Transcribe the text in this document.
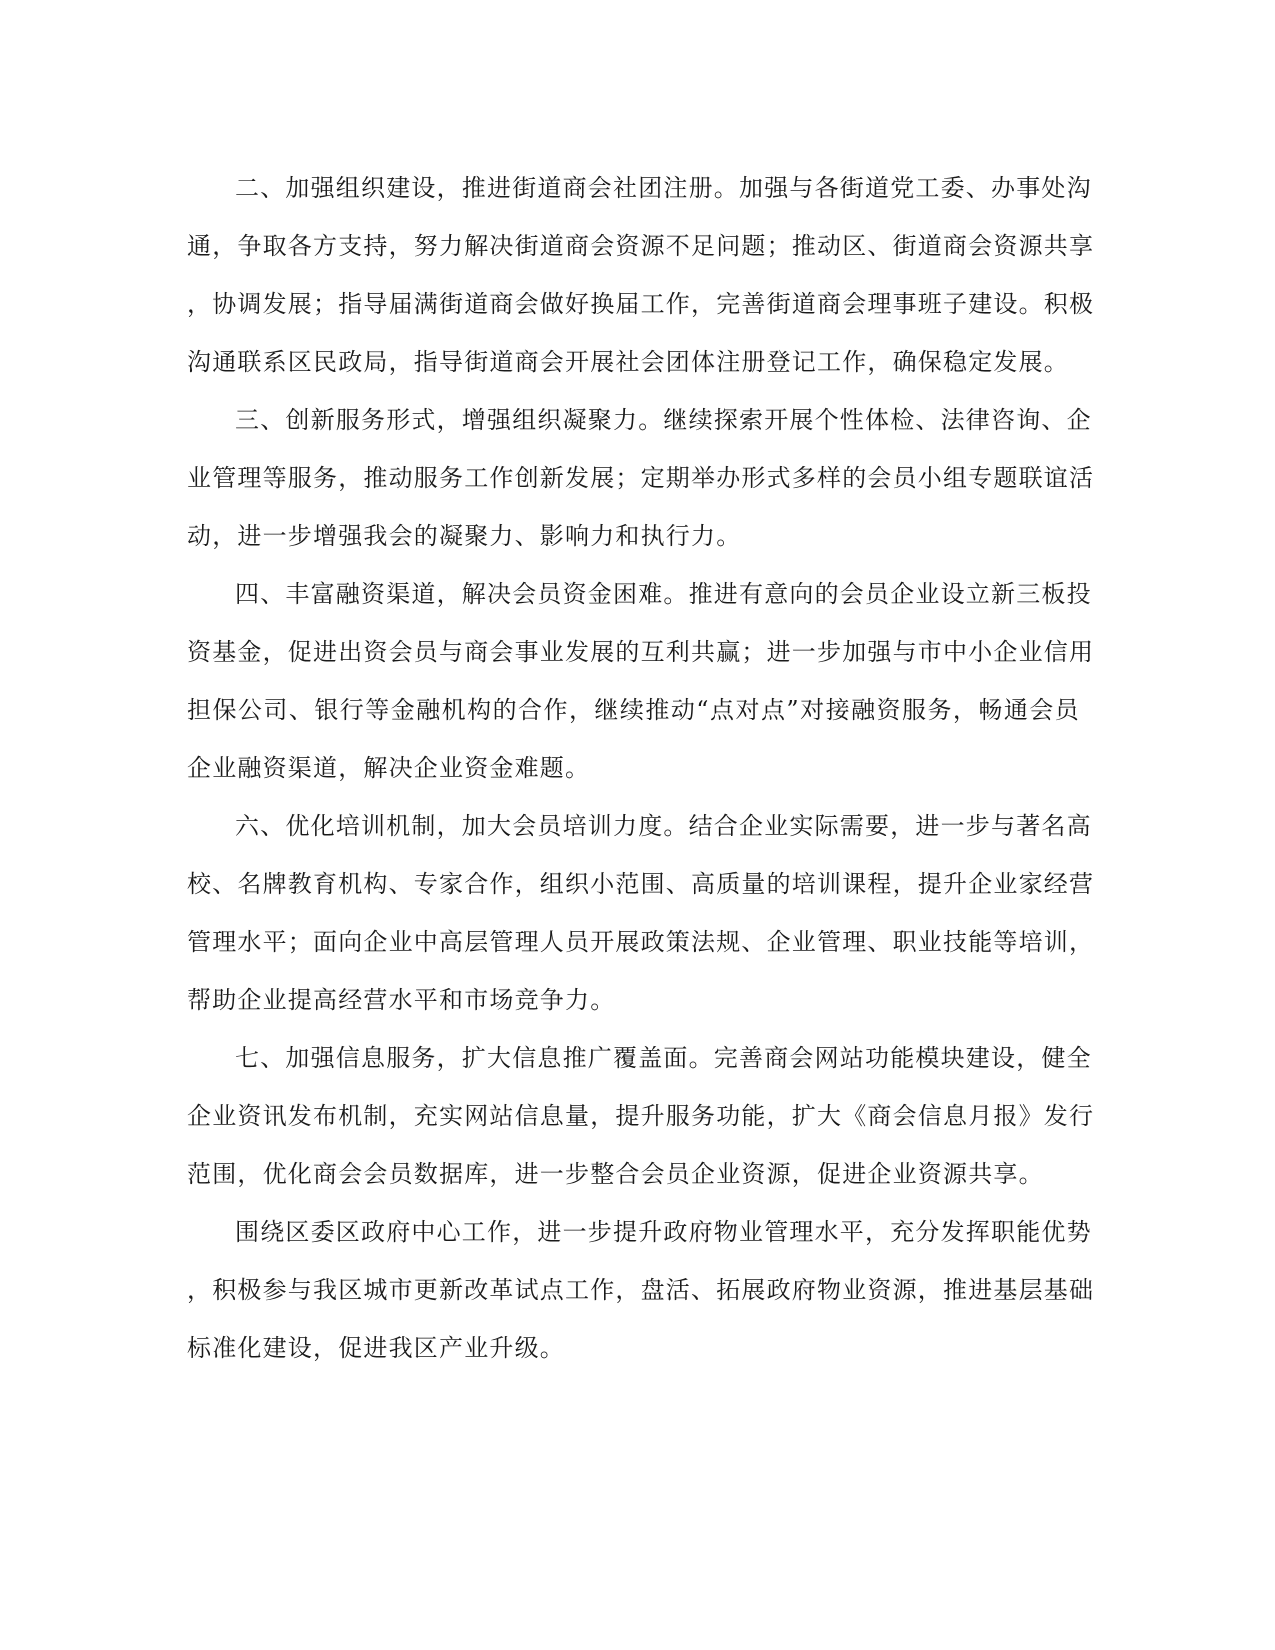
二、加强组织建设，推进街道商会社团注册。加强与各街道党工委、办事处沟
通，争取各方支持，努力解决街道商会资源不足问题；推动区、街道商会资源共享
，协调发展；指导届满街道商会做好换届工作，完善街道商会理事班子建设。积极
沟通联系区民政局，指导街道商会开展社会团体注册登记工作，确保稳定发展。
三、创新服务形式，增强组织凝聚力。继续探索开展个性体检、法律咨询、企
业管理等服务，推动服务工作创新发展；定期举办形式多样的会员小组专题联谊活
动，进一步增强我会的凝聚力、影响力和执行力。
四、丰富融资渠道，解决会员资金困难。推进有意向的会员企业设立新三板投
资基金，促进出资会员与商会事业发展的互利共赢；进一步加强与市中小企业信用
担保公司、银行等金融机构的合作，继续推动“点对点”对接融资服务，畅通会员
企业融资渠道，解决企业资金难题。
六、优化培训机制，加大会员培训力度。结合企业实际需要，进一步与著名高
校、名牌教育机构、专家合作，组织小范围、高质量的培训课程，提升企业家经营
管理水平；面向企业中高层管理人员开展政策法规、企业管理、职业技能等培训，
帮助企业提高经营水平和市场竞争力。
七、加强信息服务，扩大信息推广覆盖面。完善商会网站功能模块建设，健全
企业资讯发布机制，充实网站信息量，提升服务功能，扩大《商会信息月报》发行
范围，优化商会会员数据库，进一步整合会员企业资源，促进企业资源共享。
围绕区委区政府中心工作，进一步提升政府物业管理水平，充分发挥职能优势
，积极参与我区城市更新改革试点工作，盘活、拓展政府物业资源，推进基层基础
标准化建设，促进我区产业升级。
